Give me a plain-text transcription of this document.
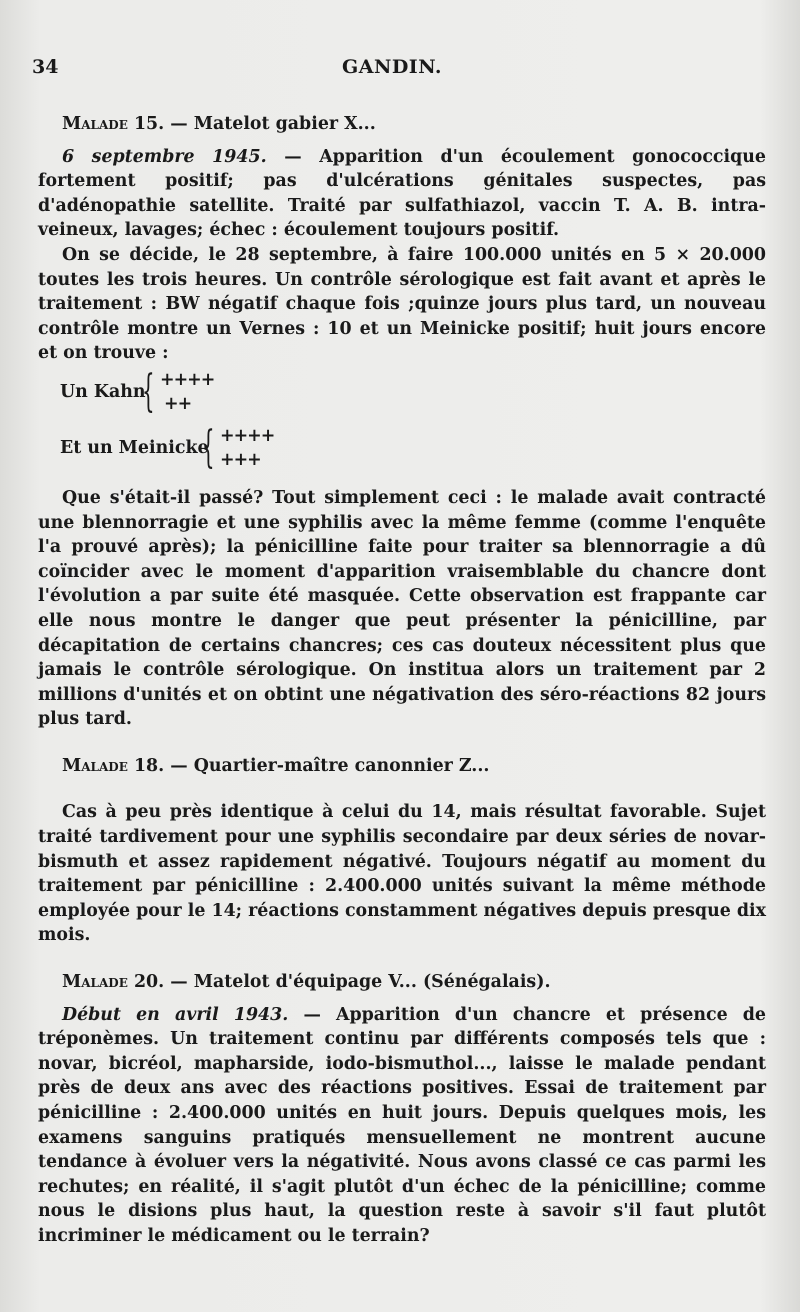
34	GANDIN.

Malade 15. — Matelot gabier X...

6 septembre 1945. — Apparition d'un écoulement gonococcique fortement positif; pas d'ulcérations génitales suspectes, pas d'adénopathie satellite. Traité par sulfathiazol, vaccin T. A. B. intra-veineux, lavages; échec : écoulement toujours positif.

On se décide, le 28 septembre, à faire 100.000 unités en 5 × 20.000 toutes les trois heures. Un contrôle sérologique est fait avant et après le traitement : BW négatif chaque fois ;quinze jours plus tard, un nouveau contrôle montre un Vernes : 10 et un Meinicke positif; huit jours encore et on trouve :

Un Kahn
{ ++++
++
Et un Meinicke
{ ++++
+++

Que s'était-il passé? Tout simplement ceci : le malade avait contracté une blennorragie et une syphilis avec la même femme (comme l'enquête l'a prouvé après); la pénicilline faite pour traiter sa blennorragie a dû coïncider avec le moment d'apparition vraisemblable du chancre dont l'évolution a par suite été masquée. Cette observation est frappante car elle nous montre le danger que peut présenter la pénicilline, par décapitation de certains chancres; ces cas douteux nécessitent plus que jamais le contrôle sérologique. On institua alors un traitement par 2 millions d'unités et on obtint une négativation des séro-réactions 82 jours plus tard.

Malade 18. — Quartier-maître canonnier Z...

Cas à peu près identique à celui du 14, mais résultat favorable. Sujet traité tardivement pour une syphilis secondaire par deux séries de novar-bismuth et assez rapidement négativé. Toujours négatif au moment du traitement par pénicilline : 2.400.000 unités suivant la même méthode employée pour le 14; réactions constamment négatives depuis presque dix mois.

Malade 20. — Matelot d'équipage V... (Sénégalais).

Début en avril 1943. — Apparition d'un chancre et présence de tréponèmes. Un traitement continu par différents composés tels que : novar, bicréol, mapharside, iodo-bismuthol..., laisse le malade pendant près de deux ans avec des réactions positives. Essai de traitement par pénicilline : 2.400.000 unités en huit jours. Depuis quelques mois, les examens sanguins pratiqués mensuellement ne montrent aucune tendance à évoluer vers la négativité. Nous avons classé ce cas parmi les rechutes; en réalité, il s'agit plutôt d'un échec de la pénicilline; comme nous le disions plus haut, la question reste à savoir s'il faut plutôt incriminer le médicament ou le terrain?
